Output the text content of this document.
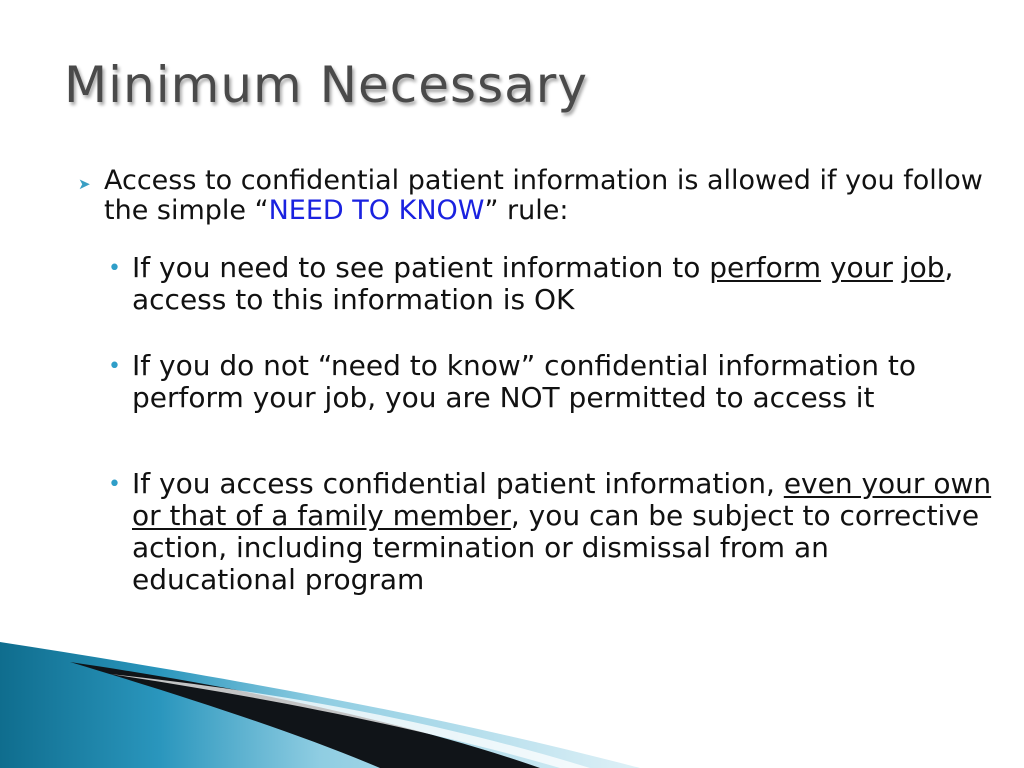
Minimum Necessary
➤ Access to confidential patient information is allowed if you follow the simple “NEED TO KNOW” rule:
• If you need to see patient information to perform your job, access to this information is OK
• If you do not “need to know” confidential information to perform your job, you are NOT permitted to access it
• If you access confidential patient information, even your own or that of a family member, you can be subject to corrective action, including termination or dismissal from an educational program
